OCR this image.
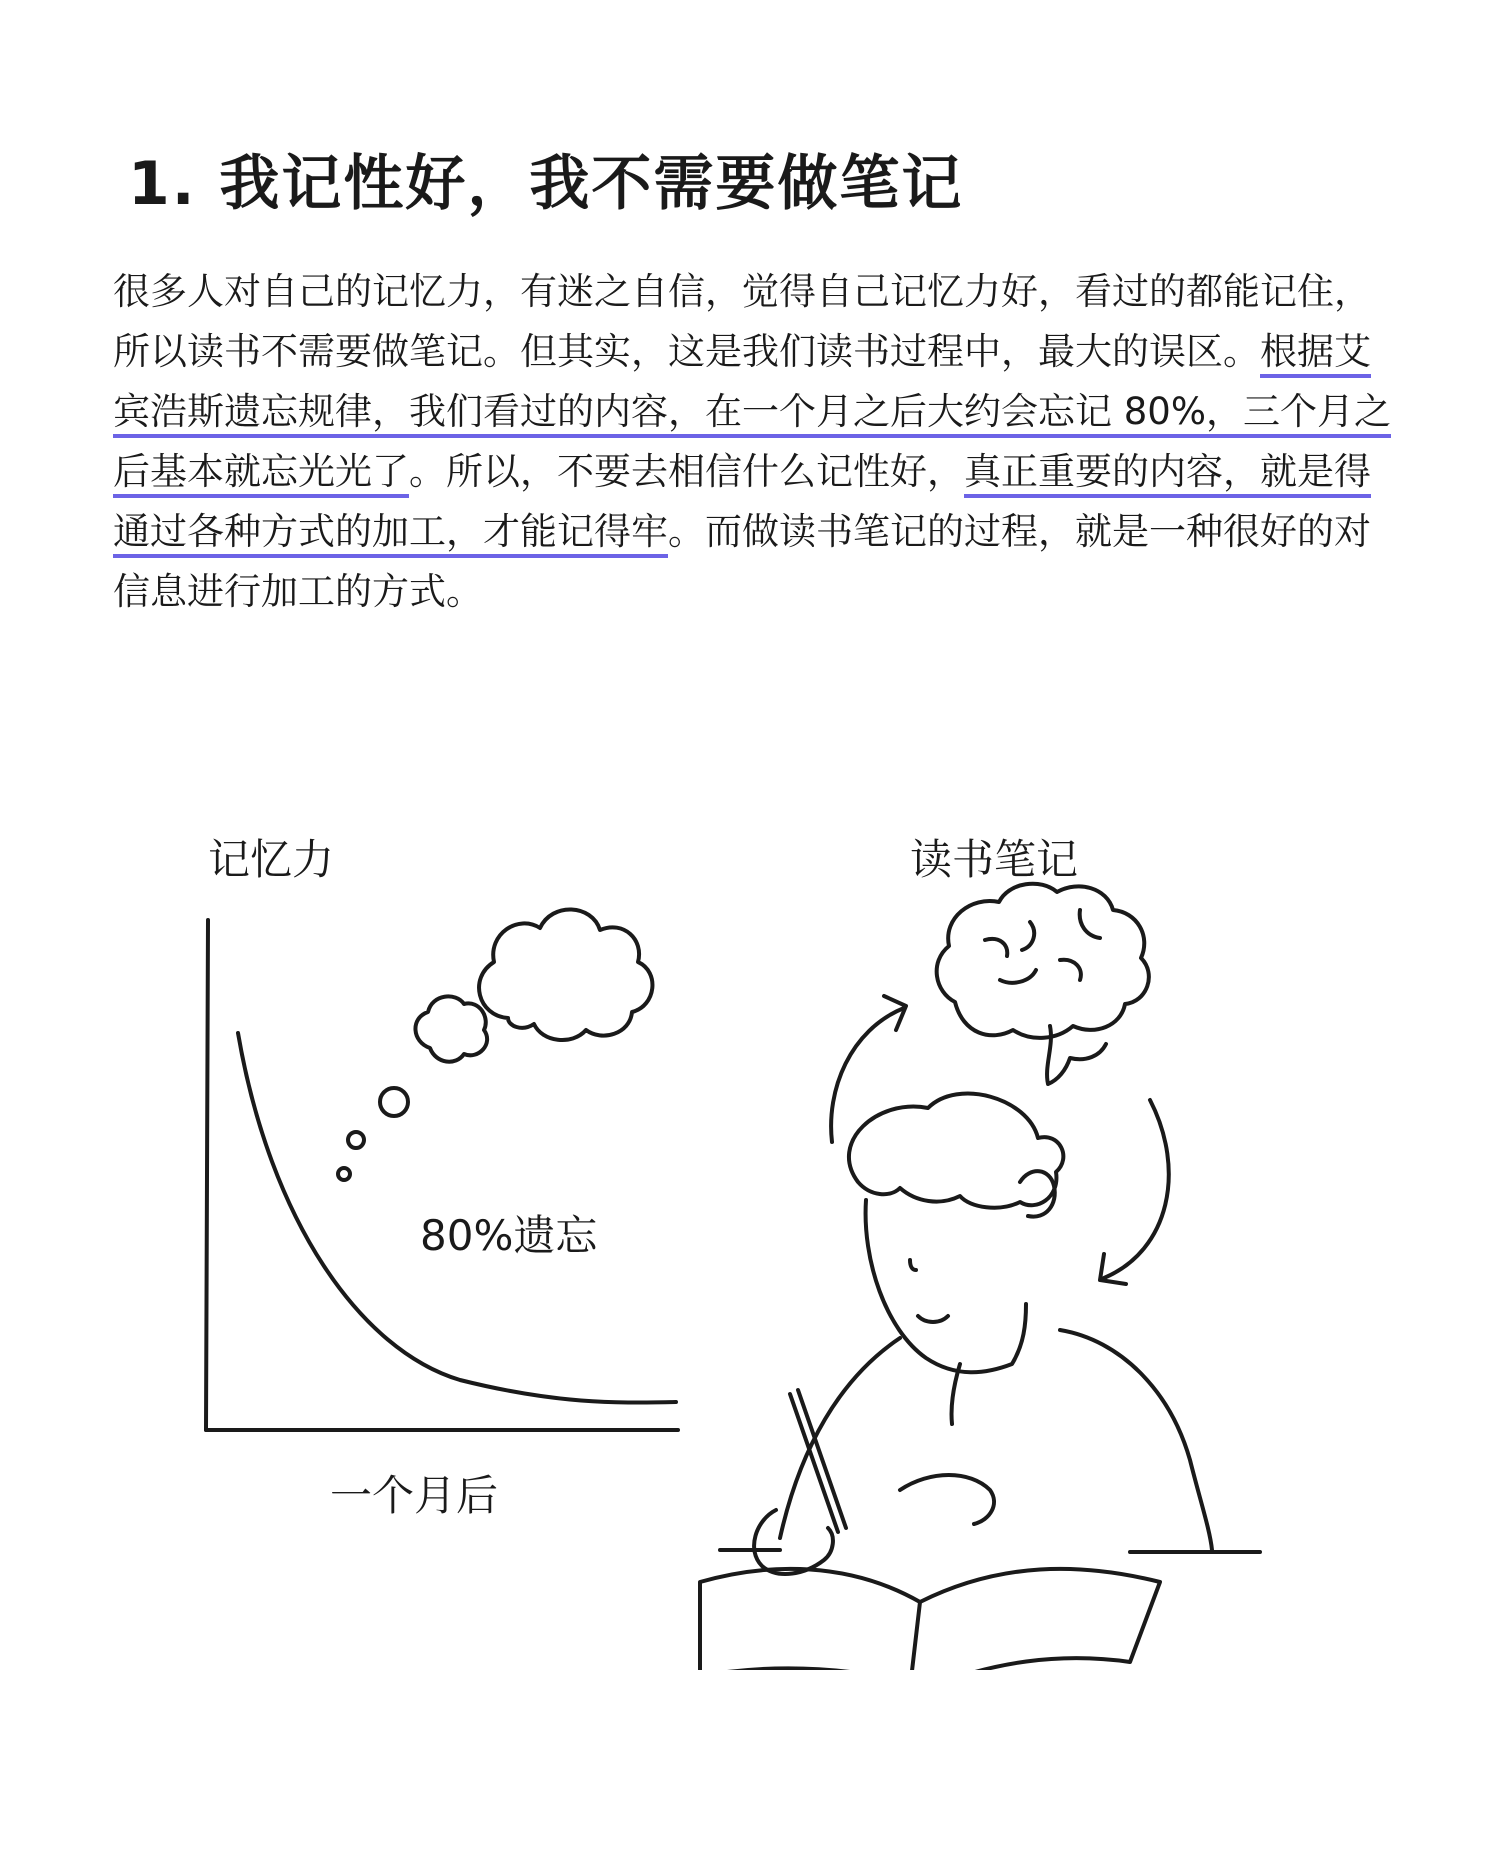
1. 我记性好，我不需要做笔记

很多人对自己的记忆力，有迷之自信，觉得自己记忆力好，看过的都能记住，所以读书不需要做笔记。但其实，这是我们读书过程中，最大的误区。根据艾宾浩斯遗忘规律，我们看过的内容，在一个月之后大约会忘记 80%，三个月之后基本就忘光光了。所以，不要去相信什么记性好，真正重要的内容，就是得通过各种方式的加工，才能记得牢。而做读书笔记的过程，就是一种很好的对信息进行加工的方式。

记忆力
80%遗忘
一个月后
读书笔记
